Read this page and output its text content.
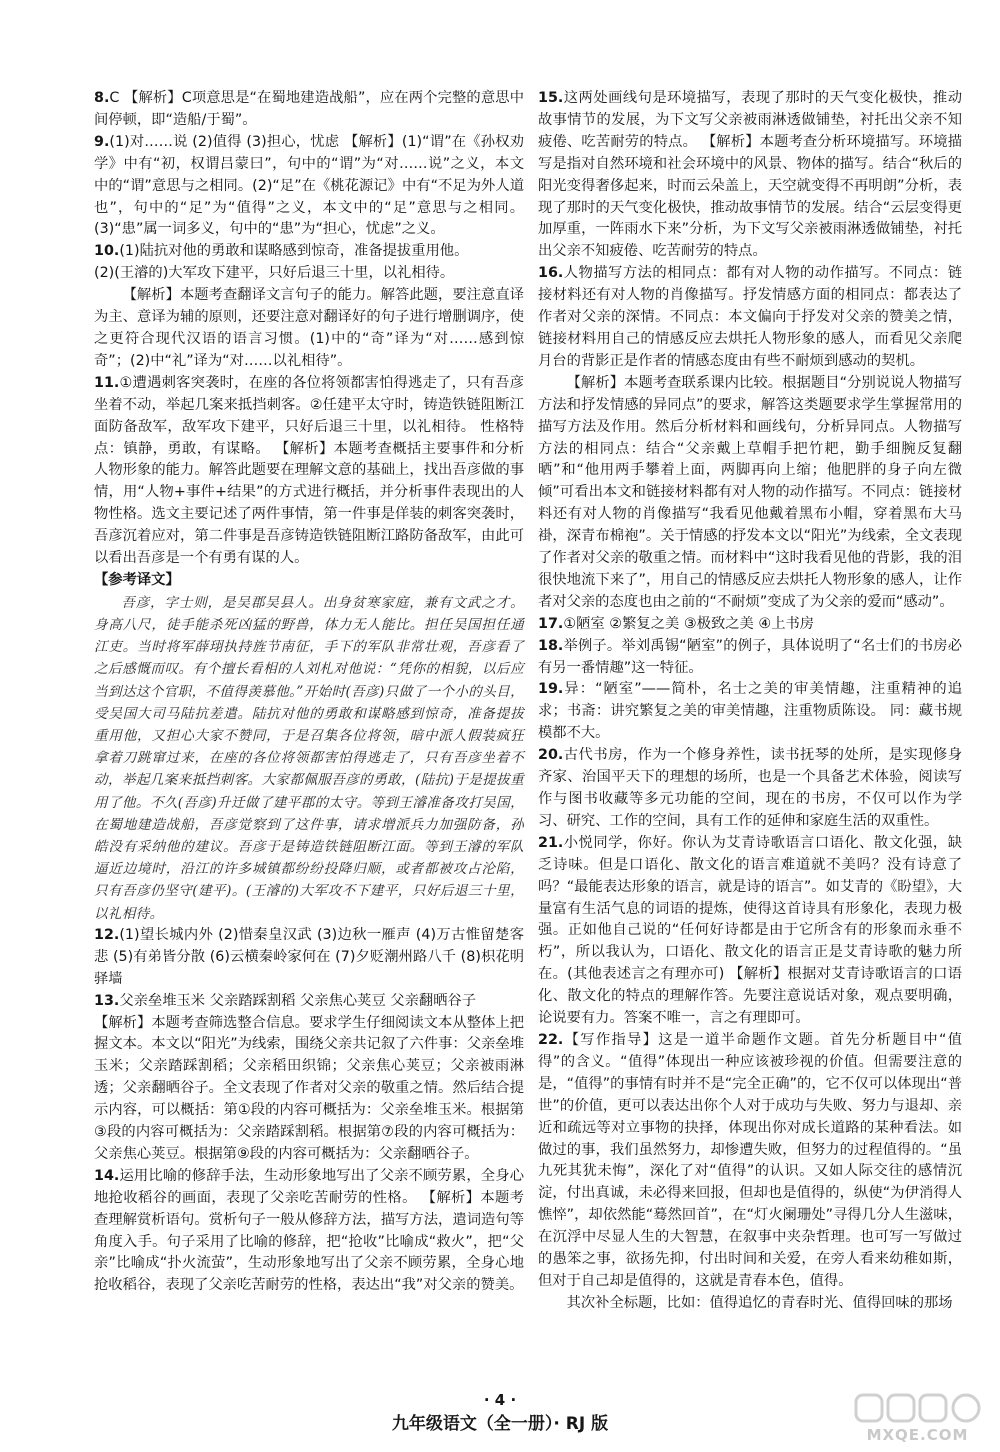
8.C 【解析】C项意思是“在蜀地建造战船”，应在两个完整的意思中间停顿，即“造船/于蜀”。

9.(1)对……说 (2)值得 (3)担心，忧虑 【解析】(1)“谓”在《孙权劝学》中有“初，权谓吕蒙曰”，句中的“谓”为“对……说”之义，本文中的“谓”意思与之相同。(2)“足”在《桃花源记》中有“不足为外人道也”，句中的“足”为“值得”之义，本文中的“足”意思与之相同。(3)“患”属一词多义，句中的“患”为“担心，忧虑”之义。

10.(1)陆抗对他的勇敢和谋略感到惊奇，准备提拔重用他。

(2)(王濬的)大军攻下建平，只好后退三十里，以礼相待。

【解析】本题考查翻译文言句子的能力。解答此题，要注意直译为主、意译为辅的原则，还要注意对翻译好的句子进行增删调序，使之更符合现代汉语的语言习惯。(1)中的“奇”译为“对……感到惊奇”；(2)中“礼”译为“对……以礼相待”。

11.①遭遇刺客突袭时，在座的各位将领都害怕得逃走了，只有吾彦坐着不动，举起几案来抵挡刺客。②任建平太守时，铸造铁链阻断江面防备敌军，敌军攻下建平，只好后退三十里，以礼相待。 性格特点：镇静，勇敢，有谋略。 【解析】本题考查概括主要事件和分析人物形象的能力。解答此题要在理解文意的基础上，找出吾彦做的事情，用“人物+事件+结果”的方式进行概括，并分析事件表现出的人物性格。选文主要记述了两件事情，第一件事是佯装的刺客突袭时，吾彦沉着应对，第二件事是吾彦铸造铁链阻断江路防备敌军，由此可以看出吾彦是一个有勇有谋的人。

【参考译文】

吾彦，字士则，是吴郡吴县人。出身贫寒家庭，兼有文武之才。身高八尺，徒手能杀死凶猛的野兽，体力无人能比。担任吴国担任通江吏。当时将军薛珝执持旌节南征，手下的军队非常壮观，吾彦看了之后感慨而叹。有个擅长看相的人刘札对他说：“凭你的相貌，以后应当到达这个官职，不值得羡慕他。”开始时(吾彦)只做了一个小的头目，受吴国大司马陆抗差遣。陆抗对他的勇敢和谋略感到惊奇，准备提拔重用他，又担心大家不赞同，于是召集各位将领，暗中派人假装疯狂拿着刀跳窜过来，在座的各位将领都害怕得逃走了，只有吾彦坐着不动，举起几案来抵挡刺客。大家都佩服吾彦的勇敢，(陆抗)于是提拔重用了他。不久(吾彦)升迁做了建平郡的太守。等到王濬准备攻打吴国，在蜀地建造战船，吾彦觉察到了这件事，请求增派兵力加强防备，孙皓没有采纳他的建议。吾彦于是铸造铁链阻断江面。等到王濬的军队逼近边境时，沿江的许多城镇都纷纷投降归顺，或者都被攻占沦陷，只有吾彦仍坚守(建平)。(王濬的)大军攻不下建平，只好后退三十里，以礼相待。

12.(1)望长城内外 (2)惜秦皇汉武 (3)边秋一雁声 (4)万古惟留楚客悲 (5)有弟皆分散 (6)云横秦岭家何在 (7)夕贬潮州路八千 (8)枳花明驿墙

13.父亲垒堆玉米 父亲踏踩割稻 父亲焦心荚豆 父亲翻晒谷子

【解析】本题考查筛选整合信息。要求学生仔细阅读文本从整体上把握文本。本文以“阳光”为线索，围绕父亲共记叙了六件事：父亲垒堆玉米；父亲踏踩割稻；父亲稻田织锦；父亲焦心荚豆；父亲被雨淋透；父亲翻晒谷子。全文表现了作者对父亲的敬重之情。然后结合提示内容，可以概括：第①段的内容可概括为：父亲垒堆玉米。根据第③段的内容可概括为：父亲踏踩割稻。根据第⑦段的内容可概括为：父亲焦心荚豆。根据第⑨段的内容可概括为：父亲翻晒谷子。

14.运用比喻的修辞手法，生动形象地写出了父亲不顾劳累，全身心地抢收稻谷的画面，表现了父亲吃苦耐劳的性格。 【解析】本题考查理解赏析语句。赏析句子一般从修辞方法，描写方法，遣词造句等角度入手。句子采用了比喻的修辞，把“抢收”比喻成“救火”，把“父亲”比喻成“扑火流萤”，生动形象地写出了父亲不顾劳累，全身心地抢收稻谷，表现了父亲吃苦耐劳的性格，表达出“我”对父亲的赞美。

15.这两处画线句是环境描写，表现了那时的天气变化极快，推动故事情节的发展，为下文写父亲被雨淋透做铺垫，衬托出父亲不知疲倦、吃苦耐劳的特点。 【解析】本题考查分析环境描写。环境描写是指对自然环境和社会环境中的风景、物体的描写。结合“秋后的阳光变得奢侈起来，时而云朵盖上，天空就变得不再明朗”分析，表现了那时的天气变化极快，推动故事情节的发展。结合“云层变得更加厚重，一阵雨水下来”分析，为下文写父亲被雨淋透做铺垫，衬托出父亲不知疲倦、吃苦耐劳的特点。

16.人物描写方法的相同点：都有对人物的动作描写。不同点：链接材料还有对人物的肖像描写。抒发情感方面的相同点：都表达了作者对父亲的深情。不同点：本文偏向于抒发对父亲的赞美之情，链接材料用自己的情感反应去烘托人物形象的感人，而看见父亲爬月台的背影正是作者的情感态度由有些不耐烦到感动的契机。

【解析】本题考查联系课内比较。根据题目“分别说说人物描写方法和抒发情感的异同点”的要求，解答这类题要求学生掌握常用的描写方法及作用。然后分析材料和画线句，分析异同点。人物描写方法的相同点：结合“父亲戴上草帽手把竹耙，勤手细腕反复翻晒”和“他用两手攀着上面，两脚再向上缩；他肥胖的身子向左微倾”可看出本文和链接材料都有对人物的动作描写。不同点：链接材料还有对人物的肖像描写“我看见他戴着黑布小帽，穿着黑布大马褂，深青布棉袍”。关于情感的抒发本文以“阳光”为线索，全文表现了作者对父亲的敬重之情。而材料中“这时我看见他的背影，我的泪很快地流下来了”，用自己的情感反应去烘托人物形象的感人，让作者对父亲的态度也由之前的“不耐烦”变成了为父亲的爱而“感动”。

17.①陋室 ②繁复之美 ③极致之美 ④上书房

18.举例子。举刘禹锡“陋室”的例子，具体说明了“名士们的书房必有另一番情趣”这一特征。

19.异：“陋室”——简朴，名士之美的审美情趣，注重精神的追求；书斋：讲究繁复之美的审美情趣，注重物质陈设。 同：藏书规模都不大。

20.古代书房，作为一个修身养性，读书抚琴的处所，是实现修身齐家、治国平天下的理想的场所，也是一个具备艺术体验，阅读写作与图书收藏等多元功能的空间，现在的书房，不仅可以作为学习、研究、工作的空间，具有工作的延伸和家庭生活的双重性。

21.小悦同学，你好。你认为艾青诗歌语言口语化、散文化强，缺乏诗味。但是口语化、散文化的语言难道就不美吗？没有诗意了吗？“最能表达形象的语言，就是诗的语言”。如艾青的《盼望》，大量富有生活气息的词语的提炼，使得这首诗具有形象化，表现力极强。正如他自己说的“任何好诗都是由于它所含有的形象而永垂不朽”，所以我认为，口语化、散文化的语言正是艾青诗歌的魅力所在。(其他表述言之有理亦可) 【解析】根据对艾青诗歌语言的口语化、散文化的特点的理解作答。先要注意说话对象，观点要明确，论说要有力。答案不唯一，言之有理即可。

22.【写作指导】这是一道半命题作文题。首先分析题目中“值得”的含义。“值得”体现出一种应该被珍视的价值。但需要注意的是，“值得”的事情有时并不是“完全正确”的，它不仅可以体现出“普世”的价值，更可以表达出你个人对于成功与失败、努力与退却、亲近和疏远等对立事物的抉择，体现出你对成长道路的某种看法。如做过的事，我们虽然努力，却惨遭失败，但努力的过程值得的。“虽九死其犹未悔”，深化了对“值得”的认识。又如人际交往的感情沉淀，付出真诚，未必得来回报，但却也是值得的，纵使“为伊消得人憔悴”，却依然能“蓦然回首”，在“灯火阑珊处”寻得几分人生滋味，在沉浮中尽显人生的大智慧，在叙事中夹杂哲理。也可写一写做过的愚笨之事，欲扬先抑，付出时间和关爱，在旁人看来幼稚如斯，但对于自己却是值得的，这就是青春本色，值得。

其次补全标题，比如：值得追忆的青春时光、值得回味的那场

· 4 ·
九年级语文（全一册）· RJ 版
MXQE.COM
